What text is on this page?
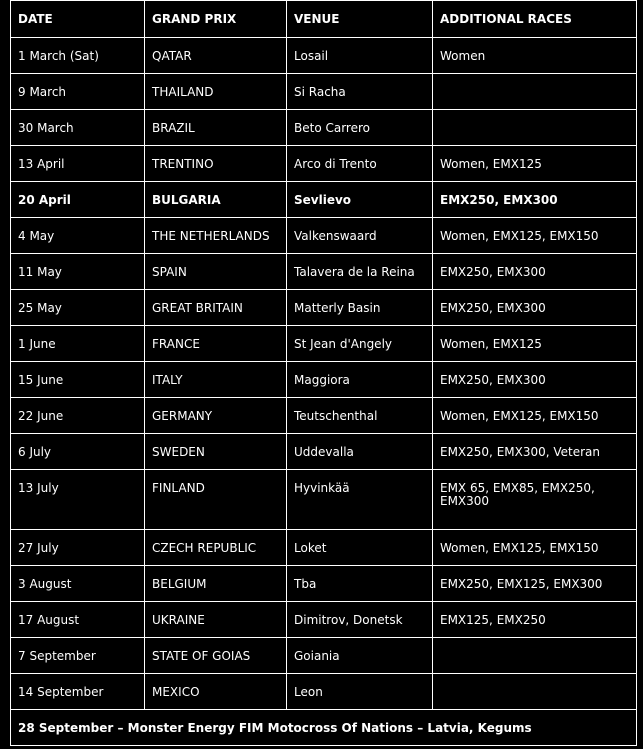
DATE	GRAND PRIX	VENUE	ADDITIONAL RACES
1 March (Sat)	QATAR	Losail	Women
9 March	THAILAND	Si Racha	
30 March	BRAZIL	Beto Carrero	
13 April	TRENTINO	Arco di Trento	Women, EMX125
20 April	BULGARIA	Sevlievo	EMX250, EMX300
4 May	THE NETHERLANDS	Valkenswaard	Women, EMX125, EMX150
11 May	SPAIN	Talavera de la Reina	EMX250, EMX300
25 May	GREAT BRITAIN	Matterly Basin	EMX250, EMX300
1 June	FRANCE	St Jean d'Angely	Women, EMX125
15 June	ITALY	Maggiora	EMX250, EMX300
22 June	GERMANY	Teutschenthal	Women, EMX125, EMX150
6 July	SWEDEN	Uddevalla	EMX250, EMX300, Veteran
13 July	FINLAND	Hyvinkää	EMX 65, EMX85, EMX250, EMX300
27 July	CZECH REPUBLIC	Loket	Women, EMX125, EMX150
3 August	BELGIUM	Tba	EMX250, EMX125, EMX300
17 August	UKRAINE	Dimitrov, Donetsk	EMX125, EMX250
7 September	STATE OF GOIAS	Goiania	
14 September	MEXICO	Leon	
28 September – Monster Energy FIM Motocross Of Nations – Latvia, Kegums			
